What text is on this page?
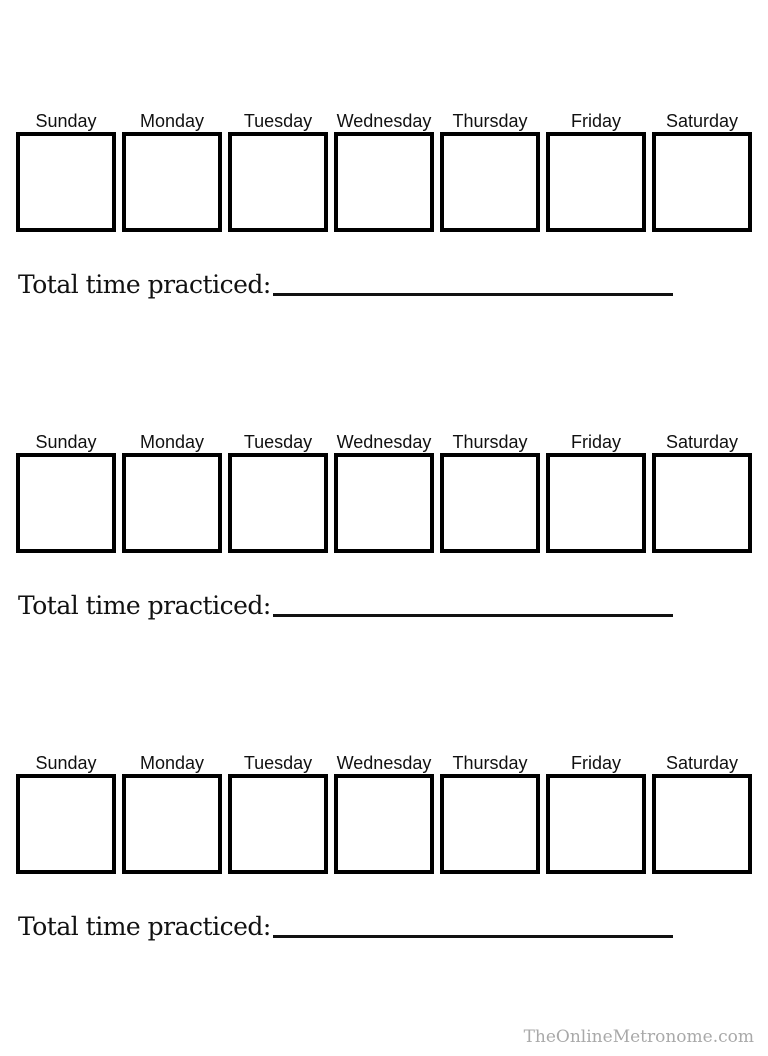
Sunday	Monday	Tuesday	Wednesday	Thursday	Friday	Saturday
Total time practiced:
Sunday	Monday	Tuesday	Wednesday	Thursday	Friday	Saturday
Total time practiced:
Sunday	Monday	Tuesday	Wednesday	Thursday	Friday	Saturday
Total time practiced:
TheOnlineMetronome.com
